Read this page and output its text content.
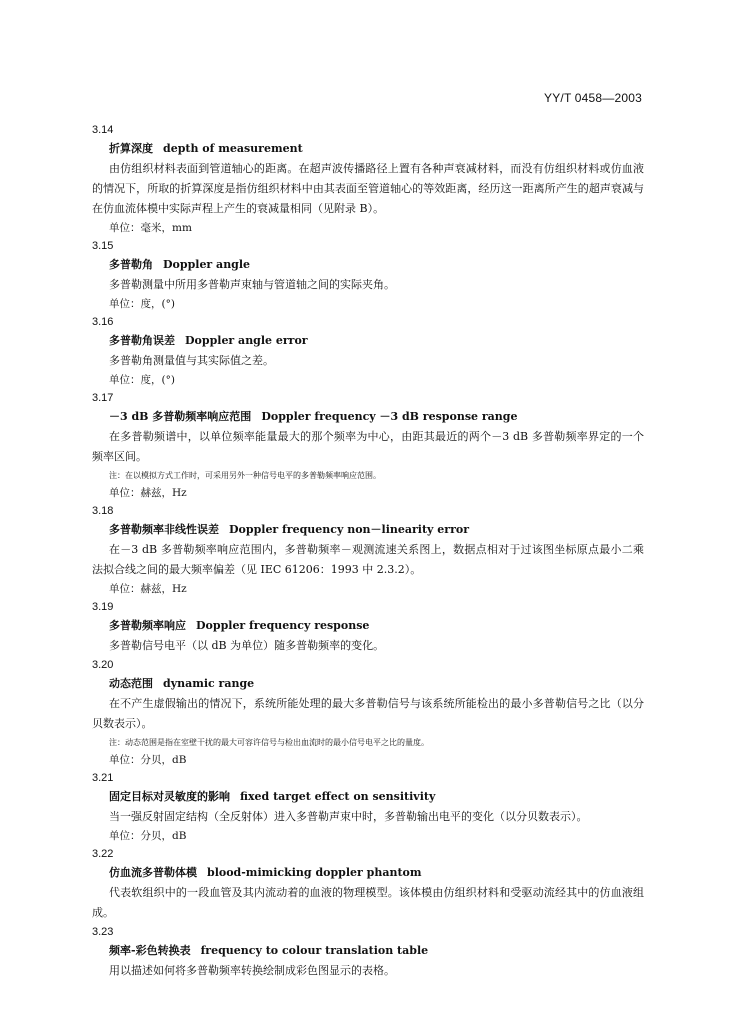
YY/T 0458—2003
3.14
折算深度 depth of measurement

由仿组织材料表面到管道轴心的距离。在超声波传播路径上置有各种声衰减材料，而没有仿组织材料或仿血液的情况下，所取的折算深度是指仿组织材料中由其表面至管道轴心的等效距离，经历这一距离所产生的超声衰减与在仿血流体模中实际声程上产生的衰减量相同（见附录 B）。

单位：毫米，mm

3.15
多普勒角 Doppler angle

多普勒测量中所用多普勒声束轴与管道轴之间的实际夹角。

单位：度，(°)

3.16
多普勒角误差 Doppler angle error

多普勒角测量值与其实际值之差。

单位：度，(°)

3.17
－3 dB 多普勒频率响应范围 Doppler frequency －3 dB response range

在多普勒频谱中，以单位频率能量最大的那个频率为中心，由距其最近的两个－3 dB 多普勒频率界定的一个频率区间。

注：在以模拟方式工作时，可采用另外一种信号电平的多普勒频率响应范围。

单位：赫兹，Hz

3.18
多普勒频率非线性误差 Doppler frequency non－linearity error

在－3 dB 多普勒频率响应范围内，多普勒频率－观测流速关系图上，数据点相对于过该图坐标原点最小二乘法拟合线之间的最大频率偏差（见 IEC 61206：1993 中 2.3.2）。

单位：赫兹，Hz

3.19
多普勒频率响应 Doppler frequency response

多普勒信号电平（以 dB 为单位）随多普勒频率的变化。

3.20
动态范围 dynamic range

在不产生虚假输出的情况下，系统所能处理的最大多普勒信号与该系统所能检出的最小多普勒信号之比（以分贝数表示）。

注：动态范围是指在室壁干扰的最大可容许信号与检出血流时的最小信号电平之比的量度。

单位：分贝，dB

3.21
固定目标对灵敏度的影响 fixed target effect on sensitivity

当一强反射固定结构（全反射体）进入多普勒声束中时，多普勒输出电平的变化（以分贝数表示）。

单位：分贝，dB

3.22
仿血流多普勒体模 blood-mimicking doppler phantom

代表软组织中的一段血管及其内流动着的血液的物理模型。该体模由仿组织材料和受驱动流经其中的仿血液组成。

3.23
频率-彩色转换表 frequency to colour translation table

用以描述如何将多普勒频率转换绘制成彩色图显示的表格。
